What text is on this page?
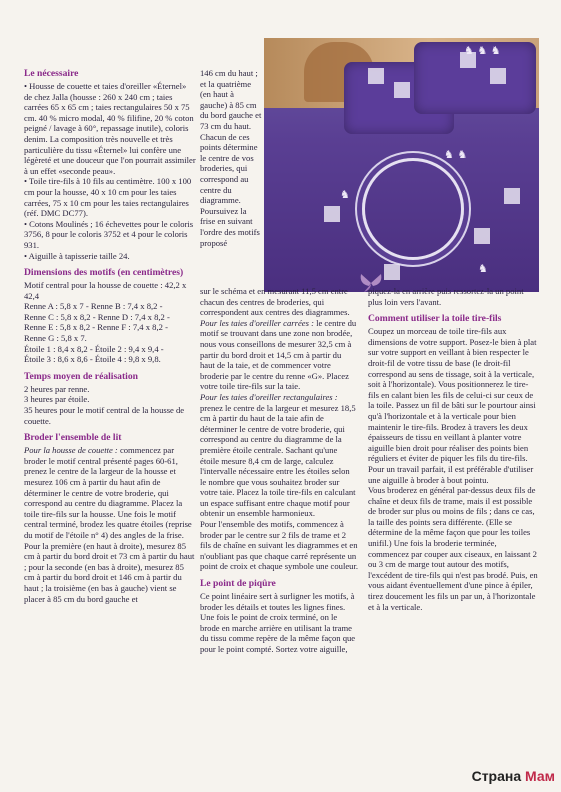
♞ ♞ ♞
♞
♞
♞ ♞
Le nécessaire

• Housse de couette et taies d'oreiller «Éternel» de chez Jalla (housse : 260 x 240 cm ; taies carrées 65 x 65 cm ; taies rectangulaires 50 x 75 cm. 40 % micro modal, 40 % filifine, 20 % coton peigné / lavage à 60°, repassage inutile), coloris denim. La composition très nouvelle et très particulière du tissu «Éternel» lui confère une légèreté et une douceur que l'on pourrait assimiler à un effet «seconde peau».

• Toile tire-fils à 10 fils au centimètre. 100 x 100 cm pour la housse, 40 x 10 cm pour les taies carrées, 75 x 10 cm pour les taies rectangulaires (réf. DMC DC77).

• Cotons Moulinés ; 16 échevettes pour le coloris 3756, 8 pour le coloris 3752 et 4 pour le coloris 931.

• Aiguille à tapisserie taille 24.

Dimensions des motifs (en centimètres)

Motif central pour la housse de couette : 42,2 x 42,4

Renne A : 5,8 x 7 - Renne B : 7,4 x 8,2 -

Renne C : 5,8 x 8,2 - Renne D : 7,4 x 8,2 -

Renne E : 5,8 x 8,2 - Renne F : 7,4 x 8,2 -

Renne G : 5,8 x 7.

Étoile 1 : 8,4 x 8,2 - Étoile 2 : 9,4 x 9,4 -

Étoile 3 : 8,6 x 8,6 - Étoile 4 : 9,8 x 9,8.

Temps moyen de réalisation

2 heures par renne.

3 heures par étoile.

35 heures pour le motif central de la housse de couette.

Broder l'ensemble de lit

Pour la housse de couette : commencez par broder le motif central présenté pages 60-61, prenez le centre de la largeur de la housse et mesurez 106 cm à partir du haut afin de déterminer le centre de votre broderie, qui correspond au centre du diagramme. Placez la toile tire-fils sur la housse. Une fois le motif central terminé, brodez les quatre étoiles (reprise du motif de l'étoile n° 4) des angles de la frise. Pour la première (en haut à droite), mesurez 85 cm à partir du bord droit et 73 cm à partir du haut ; pour la seconde (en bas à droite), mesurez 85 cm à partir du bord droit et 146 cm à partir du haut ; la troisième (en bas à gauche) vient se placer à 85 cm du bord gauche et

146 cm du haut ; et la quatrième (en haut à gauche) à 85 cm du bord gauche et 73 cm du haut. Chacun de ces points détermine le centre de vos broderies, qui correspond au centre du diagramme. Poursuivez la frise en suivant l'ordre des motifs proposé

sur le schéma et en mesurant 11,5 cm entre chacun des centres de broderies, qui correspondent aux centres des diagrammes.

Pour les taies d'oreiller carrées : le centre du motif se trouvant dans une zone non brodée, nous vous conseillons de mesurer 32,5 cm à partir du bord droit et 14,5 cm à partir du haut de la taie, et de commencer votre broderie par le centre du renne «G». Placez votre toile tire-fils sur la taie.

Pour les taies d'oreiller rectangulaires : prenez le centre de la largeur et mesurez 18,5 cm à partir du haut de la taie afin de déterminer le centre de votre broderie, qui correspond au centre du diagramme de la première étoile centrale. Sachant qu'une étoile mesure 8,4 cm de large, calculez l'intervalle nécessaire entre les étoiles selon le nombre que vous souhaitez broder sur votre taie. Placez la toile tire-fils en calculant un espace suffisant entre chaque motif pour obtenir un ensemble harmonieux.

Pour l'ensemble des motifs, commencez à broder par le centre sur 2 fils de trame et 2 fils de chaîne en suivant les diagrammes et en n'oubliant pas que chaque carré représente un point de croix et chaque symbole une couleur.

Le point de piqûre

Ce point linéaire sert à surligner les motifs, à broder les détails et toutes les lignes fines. Une fois le point de croix terminé, on le brode en marche arrière en utilisant la trame du tissu comme repère de la même façon que pour le point compté. Sortez votre aiguille,

piquez-la en arrière puis ressortez-la un point plus loin vers l'avant.

Comment utiliser la toile tire-fils

Coupez un morceau de toile tire-fils aux dimensions de votre support. Posez-le bien à plat sur votre support en veillant à bien respecter le droit-fil de votre tissu de base (le droit-fil correspond au sens de tissage, soit à la verticale, soit à l'horizontale). Vous positionnerez le tire-fils en calant bien les fils de celui-ci sur ceux de la toile. Passez un fil de bâti sur le pourtour ainsi qu'à l'horizontale et à la verticale pour bien maintenir le tire-fils. Brodez à travers les deux épaisseurs de tissu en veillant à planter votre aiguille bien droit pour réaliser des points bien réguliers et éviter de piquer les fils du tire-fils. Pour un travail parfait, il est préférable d'utiliser une aiguille à broder à bout pointu.

Vous broderez en général par-dessus deux fils de chaîne et deux fils de trame, mais il est possible de broder sur plus ou moins de fils ; dans ce cas, la taille des points sera différente. (Elle se détermine de la même façon que pour les toiles unifil.) Une fois la broderie terminée, commencez par couper aux ciseaux, en laissant 2 ou 3 cm de marge tout autour des motifs, l'excédent de tire-fils qui n'est pas brodé. Puis, en vous aidant éventuellement d'une pince à épiler, tirez doucement les fils un par un, à l'horizontale et à la verticale.

Страна Мам
